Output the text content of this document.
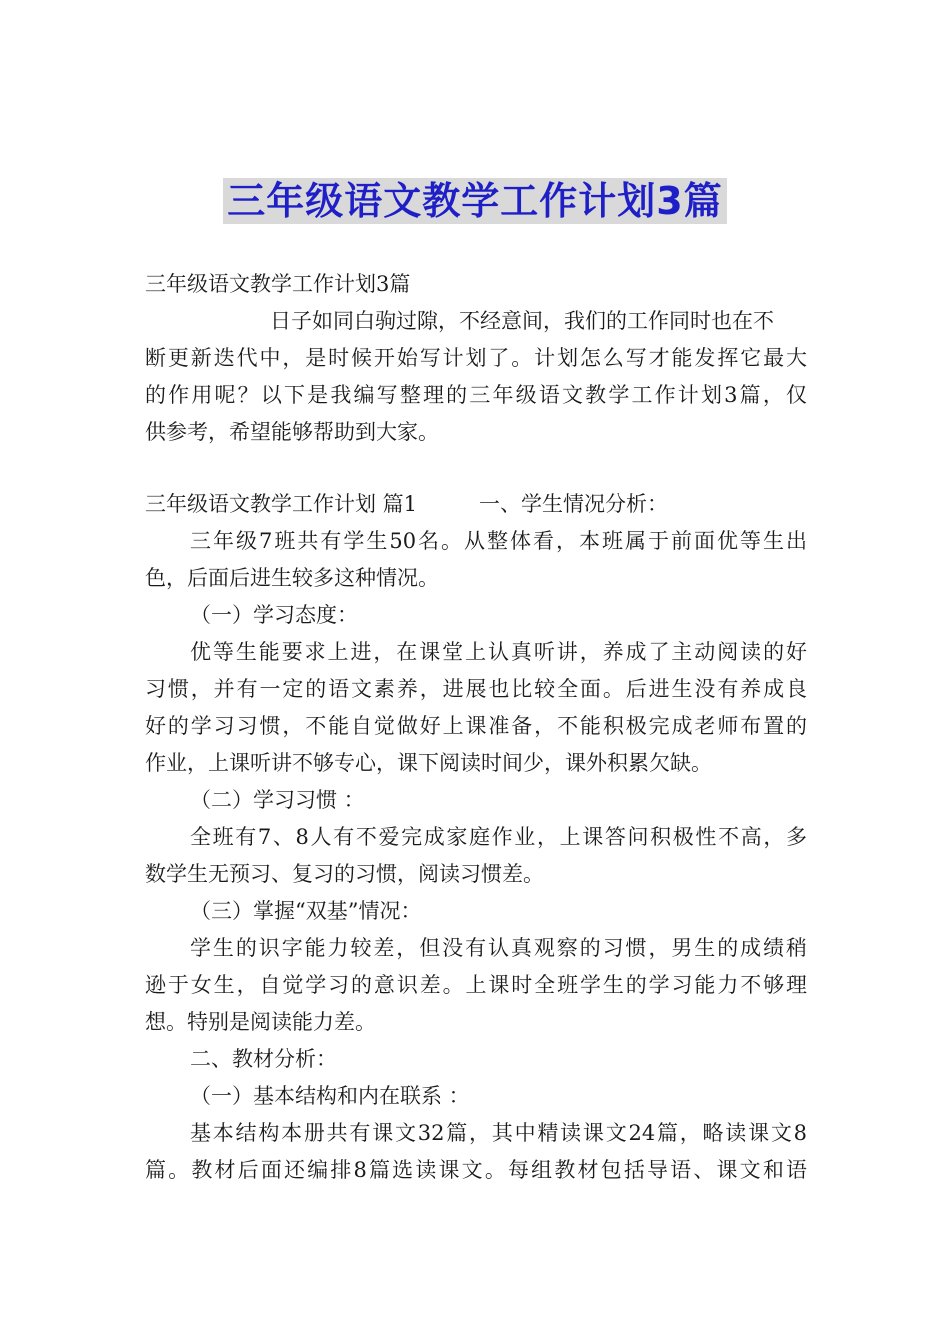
三年级语文教学工作计划3篇
三年级语文教学工作计划3篇
日子如同白驹过隙，不经意间，我们的工作同时也在不
断更新迭代中，是时候开始写计划了。计划怎么写才能发挥它最大
的作用呢？以下是我编写整理的三年级语文教学工作计划3篇，仅
供参考，希望能够帮助到大家。
三年级语文教学工作计划 篇1	一、学生情况分析：
三年级7班共有学生50名。从整体看，本班属于前面优等生出
色，后面后进生较多这种情况。
（一）学习态度：
优等生能要求上进，在课堂上认真听讲，养成了主动阅读的好
习惯，并有一定的语文素养，进展也比较全面。后进生没有养成良
好的学习习惯，不能自觉做好上课准备，不能积极完成老师布置的
作业，上课听讲不够专心，课下阅读时间少，课外积累欠缺。
（二）学习习惯 ：
全班有7、8人有不爱完成家庭作业，上课答问积极性不高，多
数学生无预习、复习的习惯，阅读习惯差。
（三）掌握“双基”情况：
学生的识字能力较差，但没有认真观察的习惯，男生的成绩稍
逊于女生，自觉学习的意识差。上课时全班学生的学习能力不够理
想。特别是阅读能力差。
二、教材分析：
（一）基本结构和内在联系 ：
基本结构本册共有课文32篇，其中精读课文24篇，略读课文8
篇。教材后面还编排8篇选读课文。每组教材包括导语、课文和语
